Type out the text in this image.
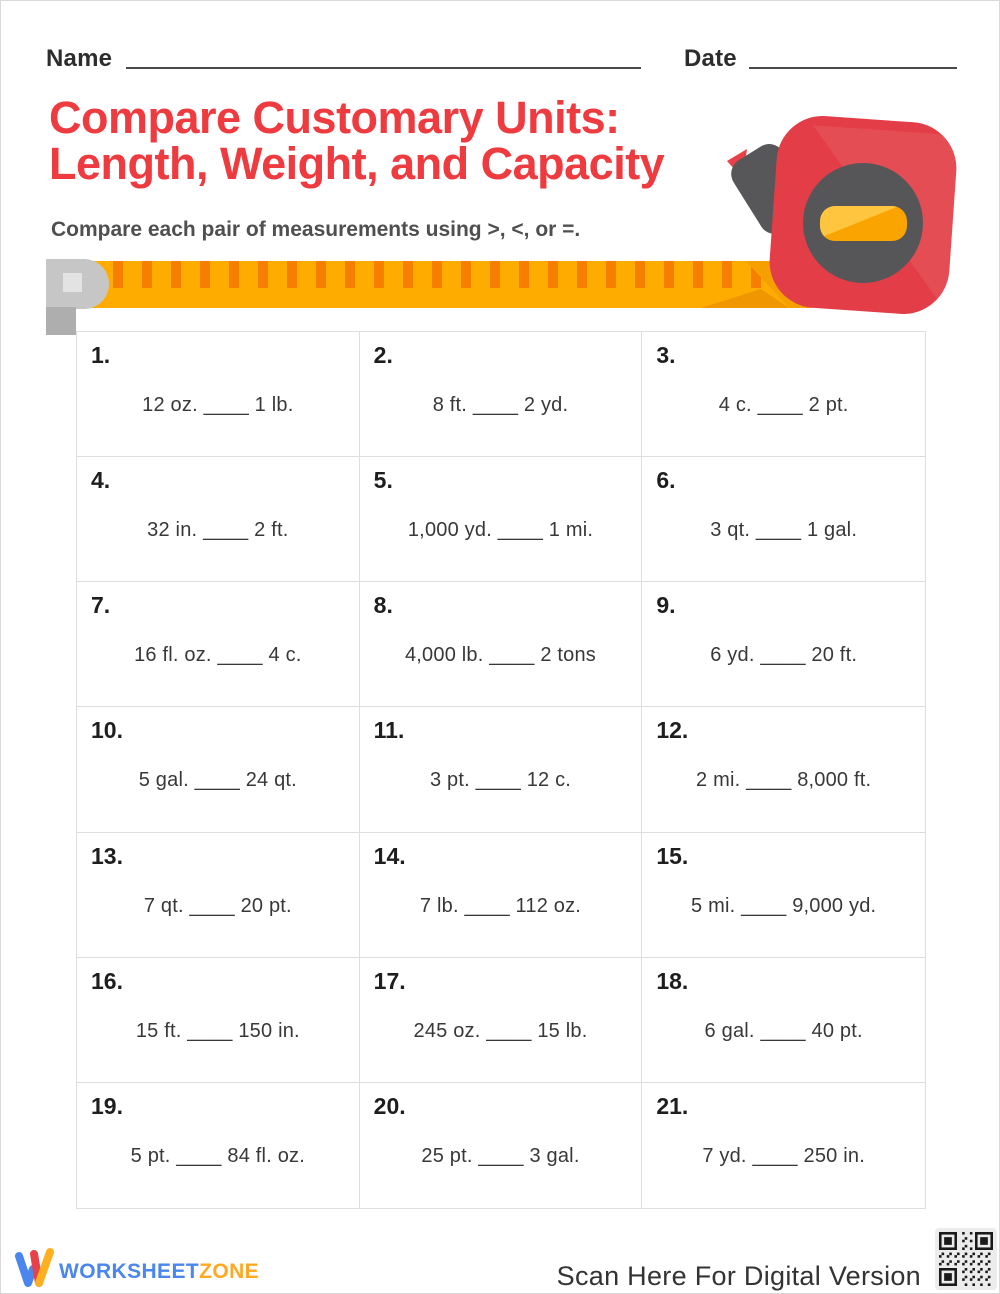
Name	Date
Compare Customary Units:
Length, Weight, and Capacity
Compare each pair of measurements using >, <, or =.
1.
12 oz. ____ 1 lb.
2.
8 ft. ____ 2 yd.
3.
4 c. ____ 2 pt.
4.
32 in. ____ 2 ft.
5.
1,000 yd. ____ 1 mi.
6.
3 qt. ____ 1 gal.
7.
16 fl. oz. ____ 4 c.
8.
4,000 lb. ____ 2 tons
9.
6 yd. ____ 20 ft.
10.
5 gal. ____ 24 qt.
11.
3 pt. ____ 12 c.
12.
2 mi. ____ 8,000 ft.
13.
7 qt. ____ 20 pt.
14.
7 lb. ____ 112 oz.
15.
5 mi. ____ 9,000 yd.
16.
15 ft. ____ 150 in.
17.
245 oz. ____ 15 lb.
18.
6 gal. ____ 40 pt.
19.
5 pt. ____ 84 fl. oz.
20.
25 pt. ____ 3 gal.
21.
7 yd. ____ 250 in.
WORKSHEETZONE	Scan Here For Digital Version
